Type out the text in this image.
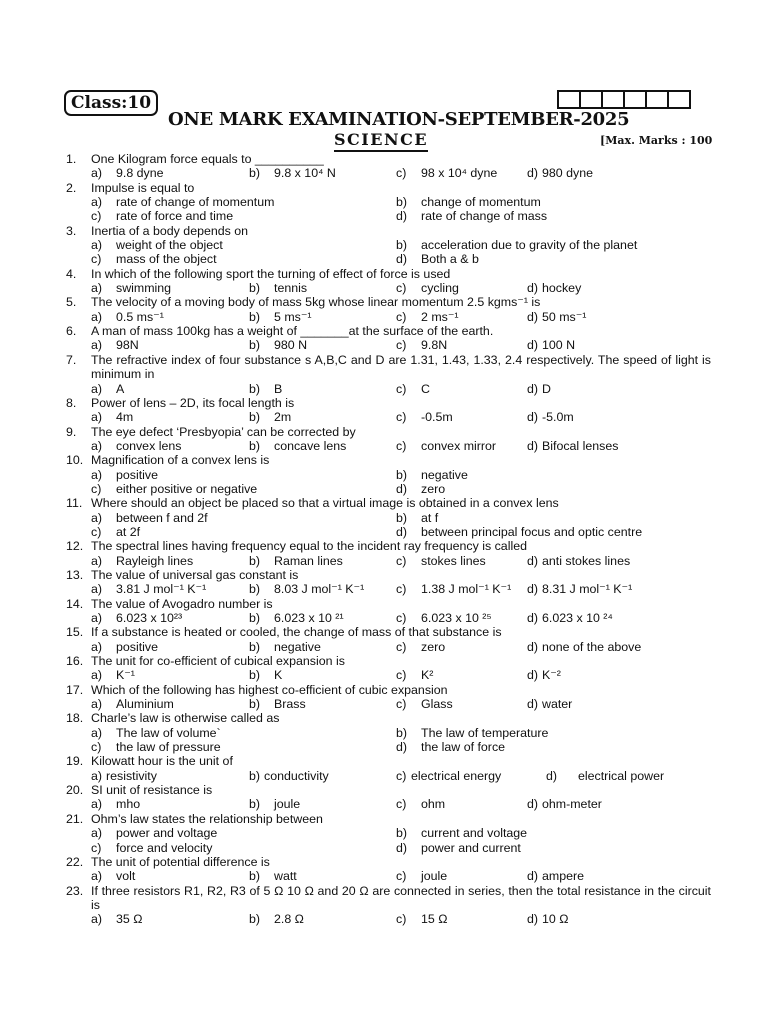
Class:10
ONE MARK EXAMINATION-SEPTEMBER-2025
SCIENCE	[Max. Marks : 100
1. One Kilogram force equals to __________
a) 9.8 dyne	b) 9.8 x 10⁴ N	c) 98 x 10⁴ dyne d) 980 dyne
2. Impulse is equal to
a) rate of change of momentum	b) change of momentum
c) rate of force and time	d) rate of change of mass
3. Inertia of a body depends on
a) weight of the object	b) acceleration due to gravity of the planet
c) mass of the object	d) Both a & b
4. In which of the following sport the turning of effect of force is used
a) swimming	b) tennis	c) cycling	d) hockey
5. The velocity of a moving body of mass 5kg whose linear momentum 2.5 kgms⁻¹ is
a) 0.5 ms⁻¹	b) 5 ms⁻¹	c) 2 ms⁻¹	d) 50 ms⁻¹
6. A man of mass 100kg has a weight of _______at the surface of the earth.
a) 98N	b) 980 N	c) 9.8N	d) 100 N
7. The refractive index of four substance s A,B,C and D are 1.31, 1.43, 1.33, 2.4 respectively. The speed of light is minimum in
a) A	b) B	c) C	d) D
8. Power of lens – 2D, its focal length is
a) 4m	b) 2m	c) -0.5m	d) -5.0m
9. The eye defect ‘Presbyopia’ can be corrected by
a) convex lens	b) concave lens	c) convex mirror d) Bifocal lenses
10. Magnification of a convex lens is
a) positive	b) negative
c) either positive or negative	d) zero
11. Where should an object be placed so that a virtual image is obtained in a convex lens
a) between f and 2f	b) at f
c) at 2f	d) between principal focus and optic centre
12. The spectral lines having frequency equal to the incident ray frequency is called
a) Rayleigh lines	b) Raman lines	c) stokes lines	d) anti stokes lines
13. The value of universal gas constant is
a) 3.81 J mol⁻¹ K⁻¹	b) 8.03 J mol⁻¹ K⁻¹	c) 1.38 J mol⁻¹ K⁻¹ d) 8.31 J mol⁻¹ K⁻¹
14. The value of Avogadro number is
a) 6.023 x 10²³	b) 6.023 x 10 ²¹	c) 6.023 x 10 ²⁵	d) 6.023 x 10 ²⁴
15. If a substance is heated or cooled, the change of mass of that substance is
a) positive	b) negative	c) zero	d) none of the above
16. The unit for co-efficient of cubical expansion is
a) K⁻¹	b) K	c) K²	d) K⁻²
17. Which of the following has highest co-efficient of cubic expansion
a) Aluminium	b) Brass	c) Glass	d) water
18. Charle’s law is otherwise called as
a) The law of volume`	b) The law of temperature
c) the law of pressure	d) the law of force
19. Kilowatt hour is the unit of
a) resistivity	b) conductivity	c) electrical energy	d) electrical power
20. SI unit of resistance is
a) mho	b) joule	c) ohm	d) ohm-meter
21. Ohm’s law states the relationship between
a) power and voltage	b) current and voltage
c) force and velocity	d) power and current
22. The unit of potential difference is
a) volt	b) watt	c) joule	d) ampere
23. If three resistors R1, R2, R3 of 5 Ω 10 Ω and 20 Ω are connected in series, then the total resistance in the circuit is
a) 35 Ω	b) 2.8 Ω	c) 15 Ω	d) 10 Ω
